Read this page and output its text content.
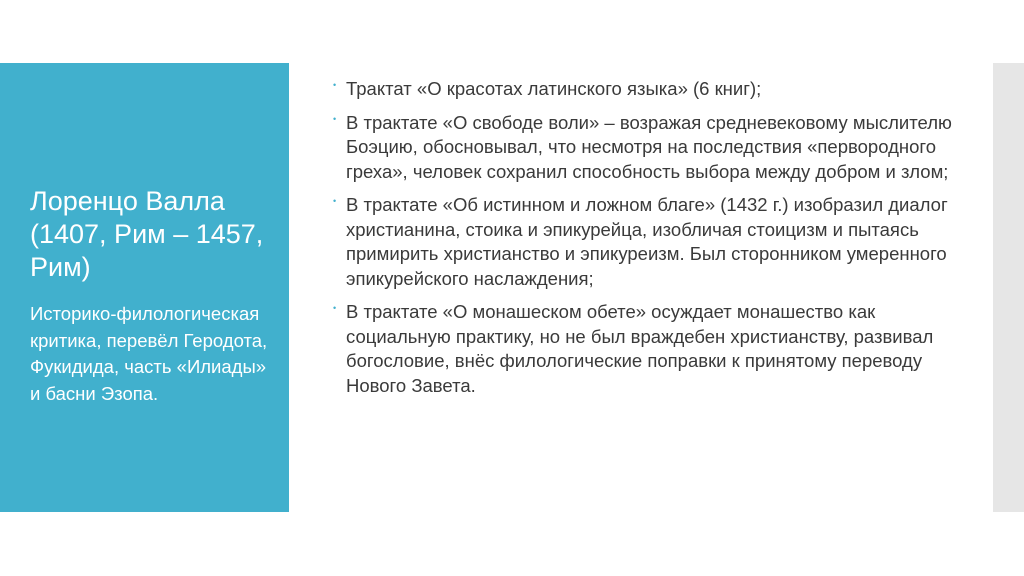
Лоренцо Валла (1407, Рим – 1457, Рим)

Историко-филологическая критика, перевёл Геродота, Фукидида, часть «Илиады» и басни Эзопа.

• Трактат «О красотах латинского языка» (6 книг);
• В трактате «О свободе воли» – возражая средневековому мыслителю Боэцию, обосновывал, что несмотря на последствия «первородного греха», человек сохранил способность выбора между добром и злом;
• В трактате «Об истинном и ложном благе» (1432 г.) изобразил диалог христианина, стоика и эпикурейца, изобличая стоицизм и пытаясь примирить христианство и эпикуреизм. Был сторонником умеренного эпикурейского наслаждения;
• В трактате «О монашеском обете» осуждает монашество как социальную практику, но не был враждебен христианству, развивал богословие, внёс филологические поправки к принятому переводу Нового Завета.
